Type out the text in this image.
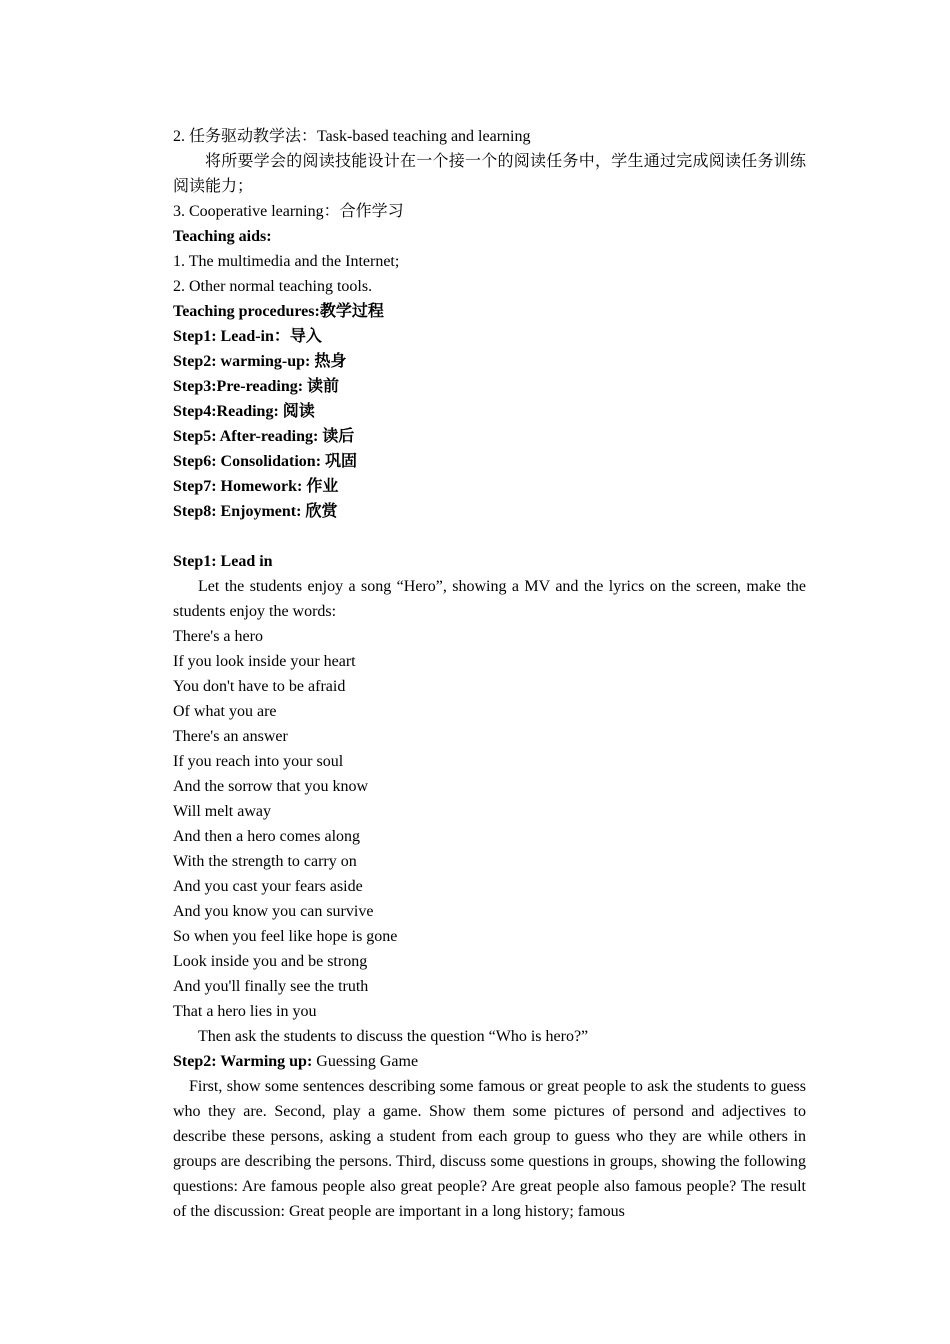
2. 任务驱动教学法：Task-based teaching and learning
将所要学会的阅读技能设计在一个接一个的阅读任务中，学生通过完成阅读任务训练阅读能力；
3. Cooperative learning：合作学习
Teaching aids:
1. The multimedia and the Internet;
2. Other normal teaching tools.
Teaching procedures:教学过程
Step1: Lead-in：导入
Step2: warming-up: 热身
Step3:Pre-reading: 读前
Step4:Reading: 阅读
Step5: After-reading: 读后
Step6: Consolidation: 巩固
Step7: Homework: 作业
Step8: Enjoyment: 欣赏
Step1: Lead in
Let the students enjoy a song “Hero”, showing a MV and the lyrics on the screen, make the students enjoy the words:
There's a hero
If you look inside your heart
You don't have to be afraid
Of what you are
There's an answer
If you reach into your soul
And the sorrow that you know
Will melt away
And then a hero comes along
With the strength to carry on
And you cast your fears aside
And you know you can survive
So when you feel like hope is gone
Look inside you and be strong
And you'll finally see the truth
That a hero lies in you
Then ask the students to discuss the question “Who is hero?”
Step2: Warming up: Guessing Game
First, show some sentences describing some famous or great people to ask the students to guess who they are. Second, play a game. Show them some pictures of persond and adjectives to describe these persons, asking a student from each group to guess who they are while others in groups are describing the persons. Third, discuss some questions in groups, showing the following questions: Are famous people also great people? Are great people also famous people? The result of the discussion: Great people are important in a long history; famous
